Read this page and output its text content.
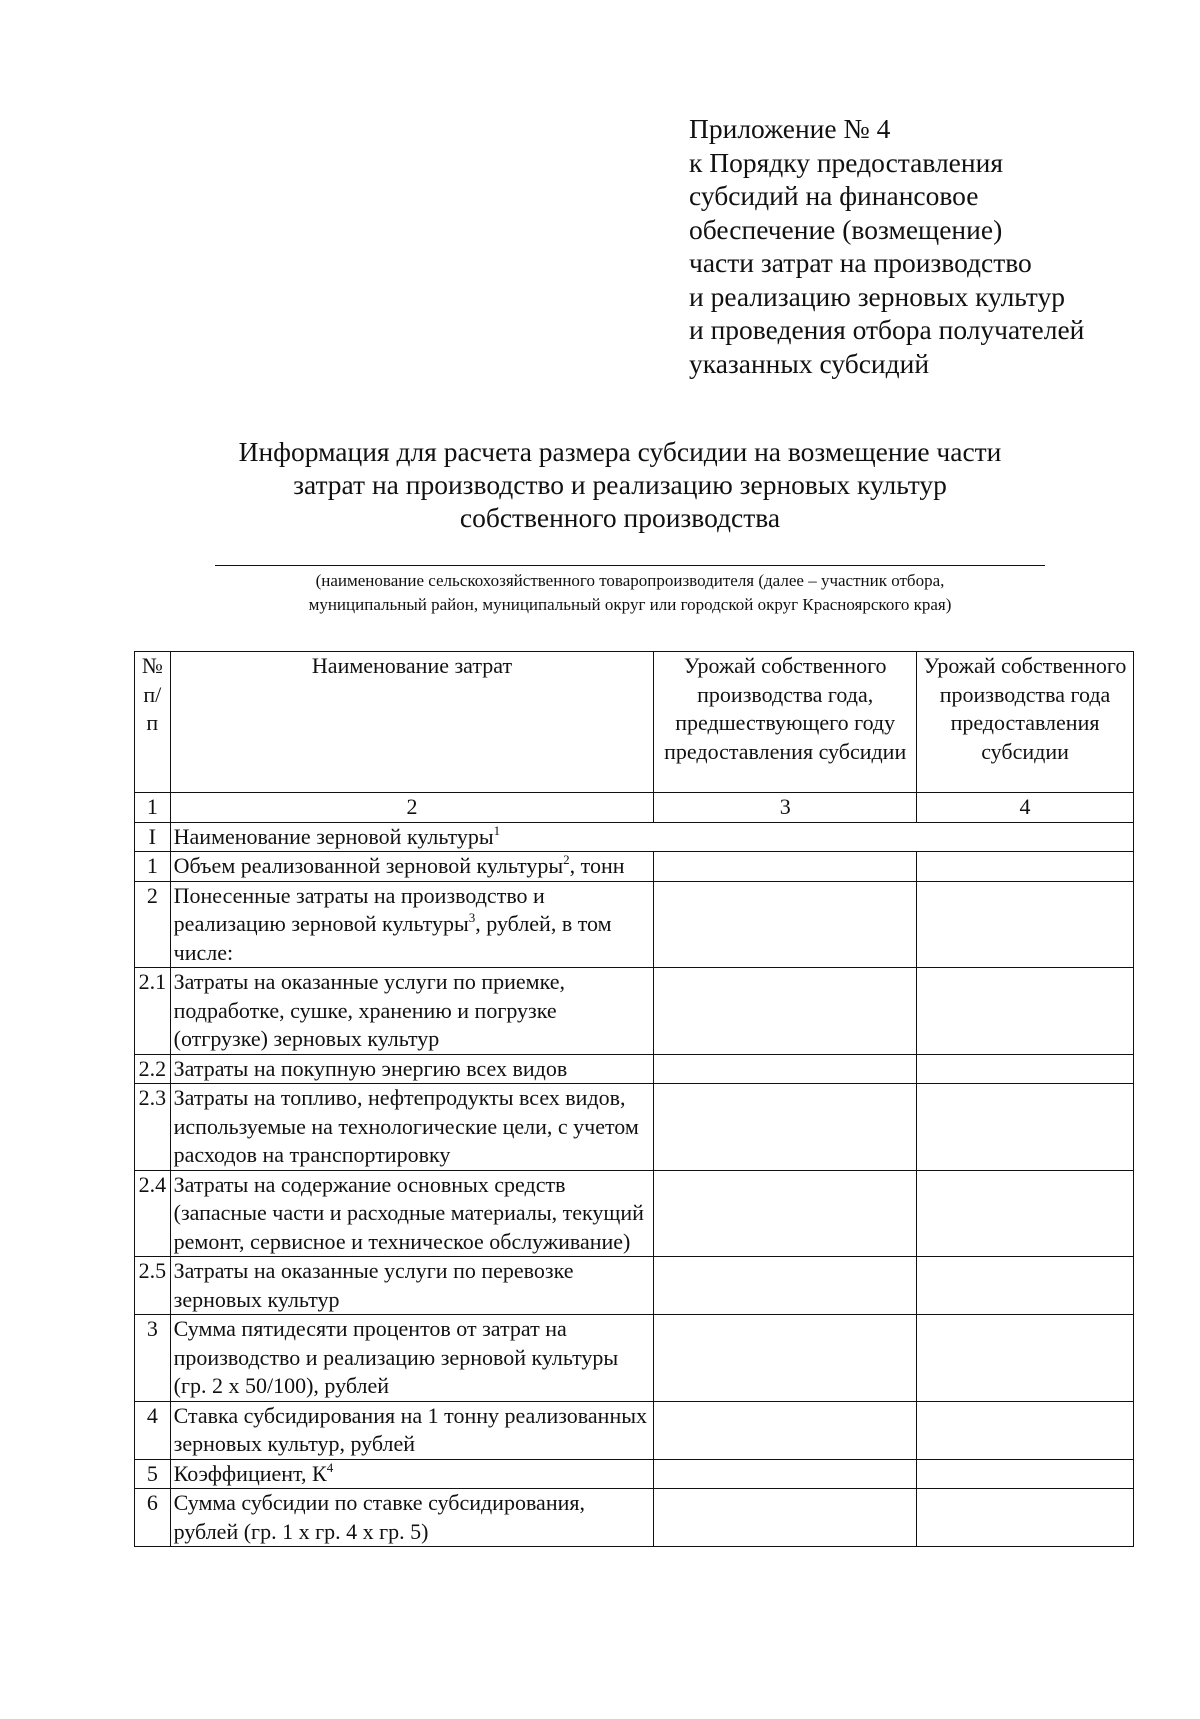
Приложение № 4
к Порядку предоставления
субсидий на финансовое
обеспечение (возмещение)
части затрат на производство
и реализацию зерновых культур
и проведения отбора получателей
указанных субсидий
Информация для расчета размера субсидии на возмещение части
затрат на производство и реализацию зерновых культур
собственного производства
(наименование сельскохозяйственного товаропроизводителя (далее – участник отбора,
муниципальный район, муниципальный округ или городской округ Красноярского края)
№ п/п	Наименование затрат	Урожай собственного производства года, предшествующего году предоставления субсидии	Урожай собственного производства года предоставления субсидии
1	2	3	4
I	Наименование зерновой культуры$^1$
1	Объем реализованной зерновой культуры$^2$, тонн		
2	Понесенные затраты на производство и реализацию зерновой культуры$^3$, рублей, в том числе:		
2.1	Затраты на оказанные услуги по приемке, подработке, сушке, хранению и погрузке (отгрузке) зерновых культур		
2.2	Затраты на покупную энергию всех видов		
2.3	Затраты на топливо, нефтепродукты всех видов, используемые на технологические цели, с учетом расходов на транспортировку		
2.4	Затраты на содержание основных средств (запасные части и расходные материалы, текущий ремонт, сервисное и техническое обслуживание)		
2.5	Затраты на оказанные услуги по перевозке зерновых культур		
3	Сумма пятидесяти процентов от затрат на производство и реализацию зерновой культуры (гр. 2 х 50/100), рублей		
4	Ставка субсидирования на 1 тонну реализованных зерновых культур, рублей		
5	Коэффициент, $К^4$		
6	Сумма субсидии по ставке субсидирования, рублей (гр. 1 х гр. 4 х гр. 5)		
